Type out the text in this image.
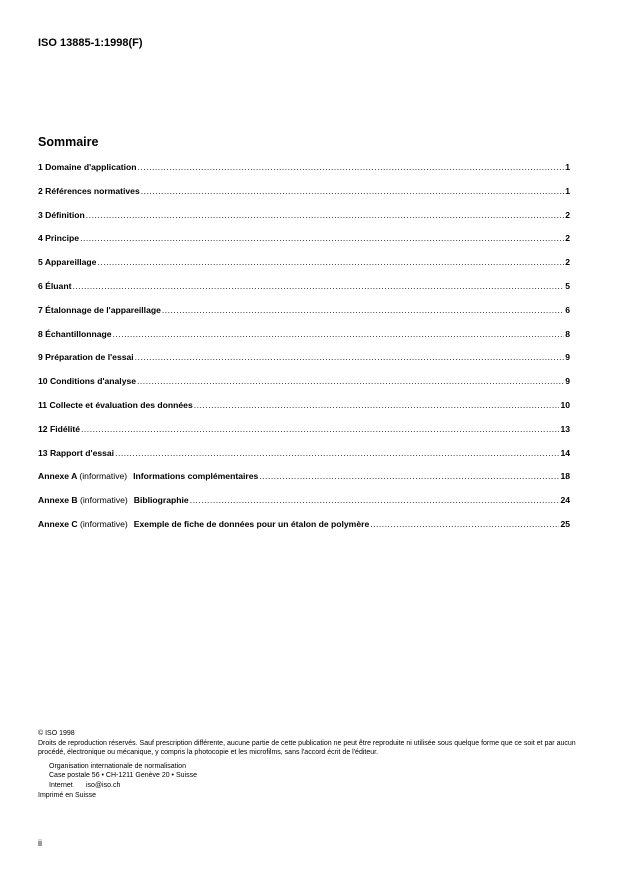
ISO 13885-1:1998(F)
Sommaire
1 Domaine d'application .....	1
2 Références normatives .....	1
3 Définition .....	2
4 Principe .....	2
5 Appareillage .....	2
6 Éluant .....	5
7 Étalonnage de l'appareillage .....	6
8 Échantillonnage .....	8
9 Préparation de l'essai .....	9
10 Conditions d'analyse .....	9
11 Collecte et évaluation des données .....	10
12 Fidélité .....	13
13 Rapport d'essai .....	14
Annexe A (informative) Informations complémentaires .....	18
Annexe B (informative) Bibliographie .....	24
Annexe C (informative) Exemple de fiche de données pour un étalon de polymère .....	25
© ISO 1998
Droits de reproduction réservés. Sauf prescription différente, aucune partie de cette publication ne peut être reproduite ni utilisée sous quelque forme que ce soit et par aucun procédé, électronique ou mécanique, y compris la photocopie et les microfilms, sans l'accord écrit de l'éditeur.
Organisation internationale de normalisation
Case postale 56 • CH-1211 Genève 20 • Suisse
Internet iso@iso.ch
Imprimé en Suisse
ii
